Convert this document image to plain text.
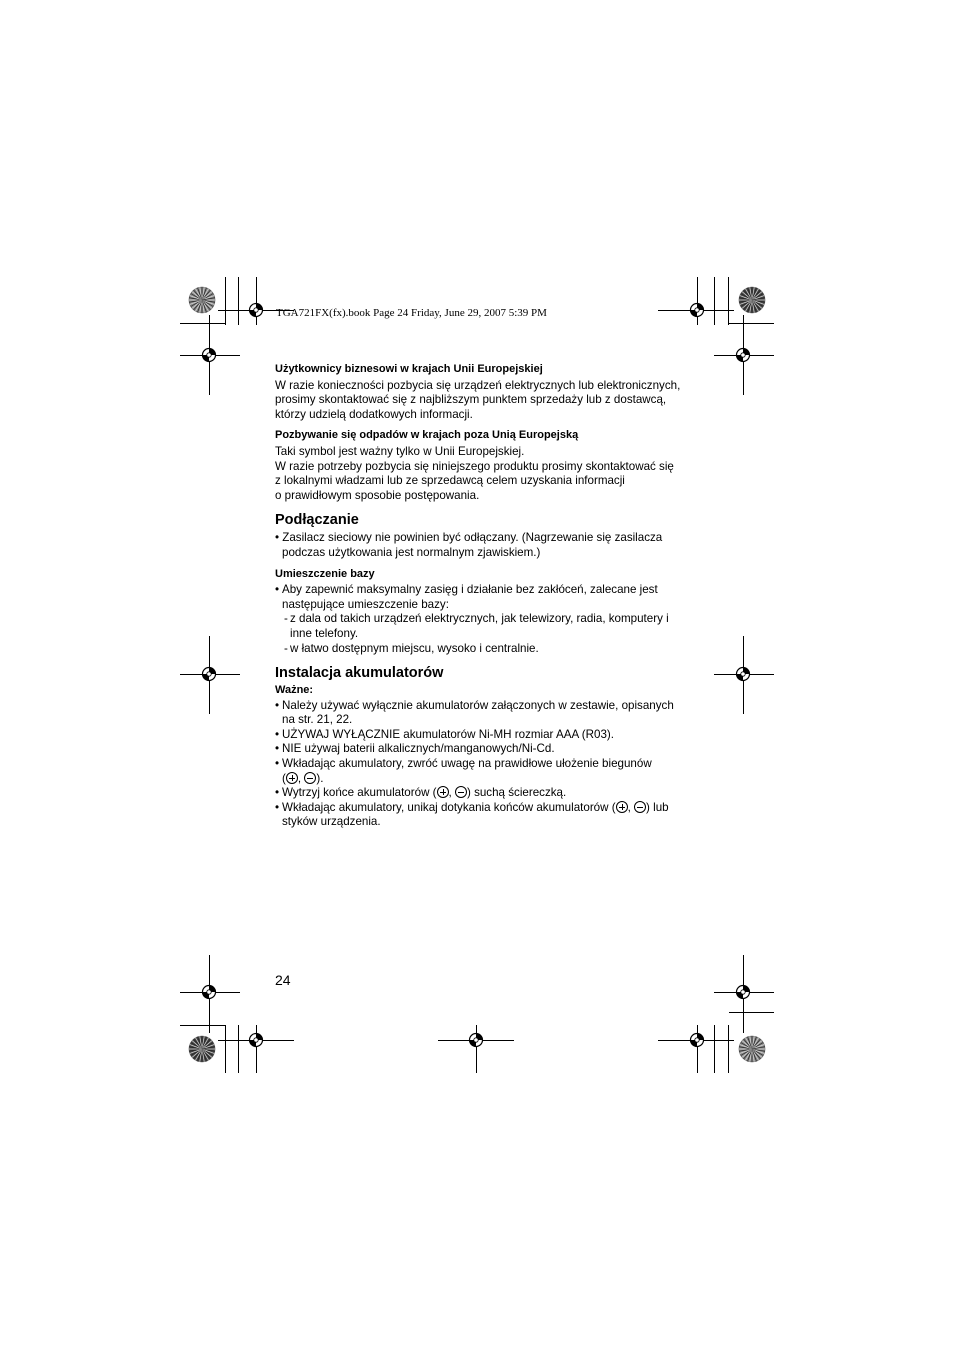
TGA721FX(fx).book Page 24 Friday, June 29, 2007 5:39 PM

Użytkownicy biznesowi w krajach Unii Europejskiej

W razie konieczności pozbycia się urządzeń elektrycznych lub elektronicznych,

prosimy skontaktować się z najbliższym punktem sprzedaży lub z dostawcą,

którzy udzielą dodatkowych informacji.

Pozbywanie się odpadów w krajach poza Unią Europejską

Taki symbol jest ważny tylko w Unii Europejskiej.

W razie potrzeby pozbycia się niniejszego produktu prosimy skontaktować się

z lokalnymi władzami lub ze sprzedawcą celem uzyskania informacji

o prawidłowym sposobie postępowania.

Podłączanie

• Zasilacz sieciowy nie powinien być odłączany. (Nagrzewanie się zasilacza

podczas użytkowania jest normalnym zjawiskiem.)

Umieszczenie bazy

• Aby zapewnić maksymalny zasięg i działanie bez zakłóceń, zalecane jest
następujące umieszczenie bazy:
- z dala od takich urządzeń elektrycznych, jak telewizory, radia, komputery i
inne telefony.
- w łatwo dostępnym miejscu, wysoko i centralnie.

Instalacja akumulatorów

Ważne:

• Należy używać wyłącznie akumulatorów załączonych w zestawie, opisanych
na str. 21, 22.
• UŻYWAJ WYŁĄCZNIE akumulatorów Ni-MH rozmiar AAA (R03).
• NIE używaj baterii alkalicznych/manganowych/Ni-Cd.
• Wkładając akumulatory, zwróć uwagę na prawidłowe ułożenie biegunów
( , ).
• Wytrzyj końce akumulatorów ( , ) suchą ściereczką.
• Wkładając akumulatory, unikaj dotykania końców akumulatorów ( , ) lub
styków urządzenia.
24
